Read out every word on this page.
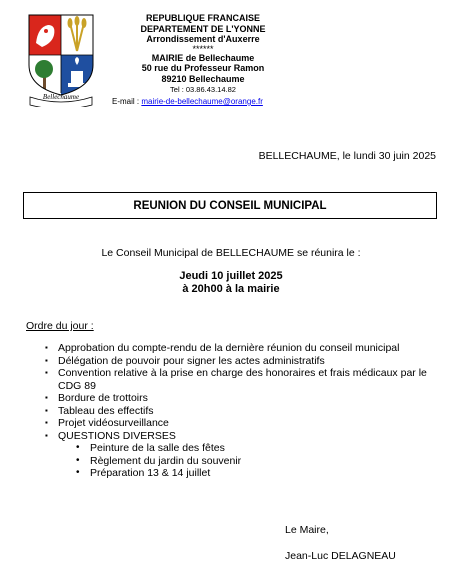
Bellechaume
REPUBLIQUE FRANCAISE
DEPARTEMENT DE L'YONNE
Arrondissement d'Auxerre
******
MAIRIE de Bellechaume
50 rue du Professeur Ramon
89210 Bellechaume
Tel : 03.86.43.14.82
E-mail : mairie-de-bellechaume@orange.fr
BELLECHAUME, le lundi 30 juin 2025
REUNION DU CONSEIL MUNICIPAL
Le Conseil Municipal de BELLECHAUME se réunira le :
Jeudi 10 juillet 2025
à 20h00 à la mairie
Ordre du jour :
▪ Approbation du compte-rendu de la dernière réunion du conseil municipal
▪ Délégation de pouvoir pour signer les actes administratifs
▪ Convention relative à la prise en charge des honoraires et frais médicaux par le CDG 89
▪ Bordure de trottoirs
▪ Tableau des effectifs
▪ Projet vidéosurveillance
▪ QUESTIONS DIVERSES
• Peinture de la salle des fêtes
• Règlement du jardin du souvenir
• Préparation 13 & 14 juillet
Le Maire,
Jean-Luc DELAGNEAU
